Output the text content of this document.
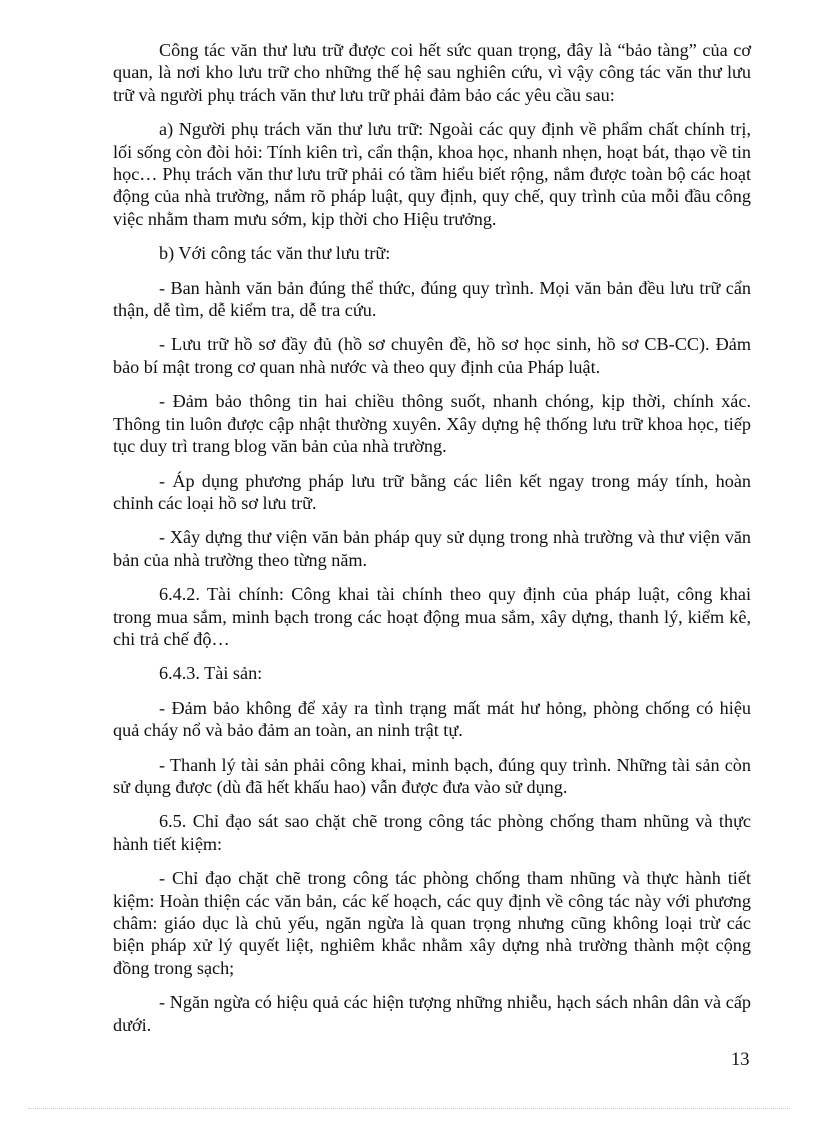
Công tác văn thư lưu trữ được coi hết sức quan trọng, đây là “bảo tàng” của cơ quan, là nơi kho lưu trữ cho những thế hệ sau nghiên cứu, vì vậy công tác văn thư lưu trữ và người phụ trách văn thư lưu trữ phải đảm bảo các yêu cầu sau:

a) Người phụ trách văn thư lưu trữ: Ngoài các quy định về phẩm chất chính trị, lối sống còn đòi hỏi: Tính kiên trì, cẩn thận, khoa học, nhanh nhẹn, hoạt bát, thạo về tin học… Phụ trách văn thư lưu trữ phải có tầm hiểu biết rộng, nắm được toàn bộ các hoạt động của nhà trường, nắm rõ pháp luật, quy định, quy chế, quy trình của mỗi đầu công việc nhằm tham mưu sớm, kịp thời cho Hiệu trưởng.

b) Với công tác văn thư lưu trữ:

- Ban hành văn bản đúng thể thức, đúng quy trình. Mọi văn bản đều lưu trữ cẩn thận, dễ tìm, dễ kiểm tra, dễ tra cứu.

- Lưu trữ hồ sơ đầy đủ (hồ sơ chuyên đề, hồ sơ học sinh, hồ sơ CB-CC). Đảm bảo bí mật trong cơ quan nhà nước và theo quy định của Pháp luật.

- Đảm bảo thông tin hai chiều thông suốt, nhanh chóng, kịp thời, chính xác. Thông tin luôn được cập nhật thường xuyên. Xây dựng hệ thống lưu trữ khoa học, tiếp tục duy trì trang blog văn bản của nhà trường.

- Áp dụng phương pháp lưu trữ bằng các liên kết ngay trong máy tính, hoàn chỉnh các loại hồ sơ lưu trữ.

- Xây dựng thư viện văn bản pháp quy sử dụng trong nhà trường và thư viện văn bản của nhà trường theo từng năm.

6.4.2. Tài chính: Công khai tài chính theo quy định của pháp luật, công khai trong mua sắm, minh bạch trong các hoạt động mua sắm, xây dựng, thanh lý, kiểm kê, chi trả chế độ…

6.4.3. Tài sản:

- Đảm bảo không để xảy ra tình trạng mất mát hư hỏng, phòng chống có hiệu quả cháy nổ và bảo đảm an toàn, an ninh trật tự.

- Thanh lý tài sản phải công khai, minh bạch, đúng quy trình. Những tài sản còn sử dụng được (dù đã hết khấu hao) vẫn được đưa vào sử dụng.

6.5. Chỉ đạo sát sao chặt chẽ trong công tác phòng chống tham nhũng và thực hành tiết kiệm:

- Chỉ đạo chặt chẽ trong công tác phòng chống tham nhũng và thực hành tiết kiệm: Hoàn thiện các văn bản, các kế hoạch, các quy định về công tác này với phương châm: giáo dục là chủ yếu, ngăn ngừa là quan trọng nhưng cũng không loại trừ các biện pháp xử lý quyết liệt, nghiêm khắc nhằm xây dựng nhà trường thành một cộng đồng trong sạch;

- Ngăn ngừa có hiệu quả các hiện tượng những nhiễu, hạch sách nhân dân và cấp dưới.

13
